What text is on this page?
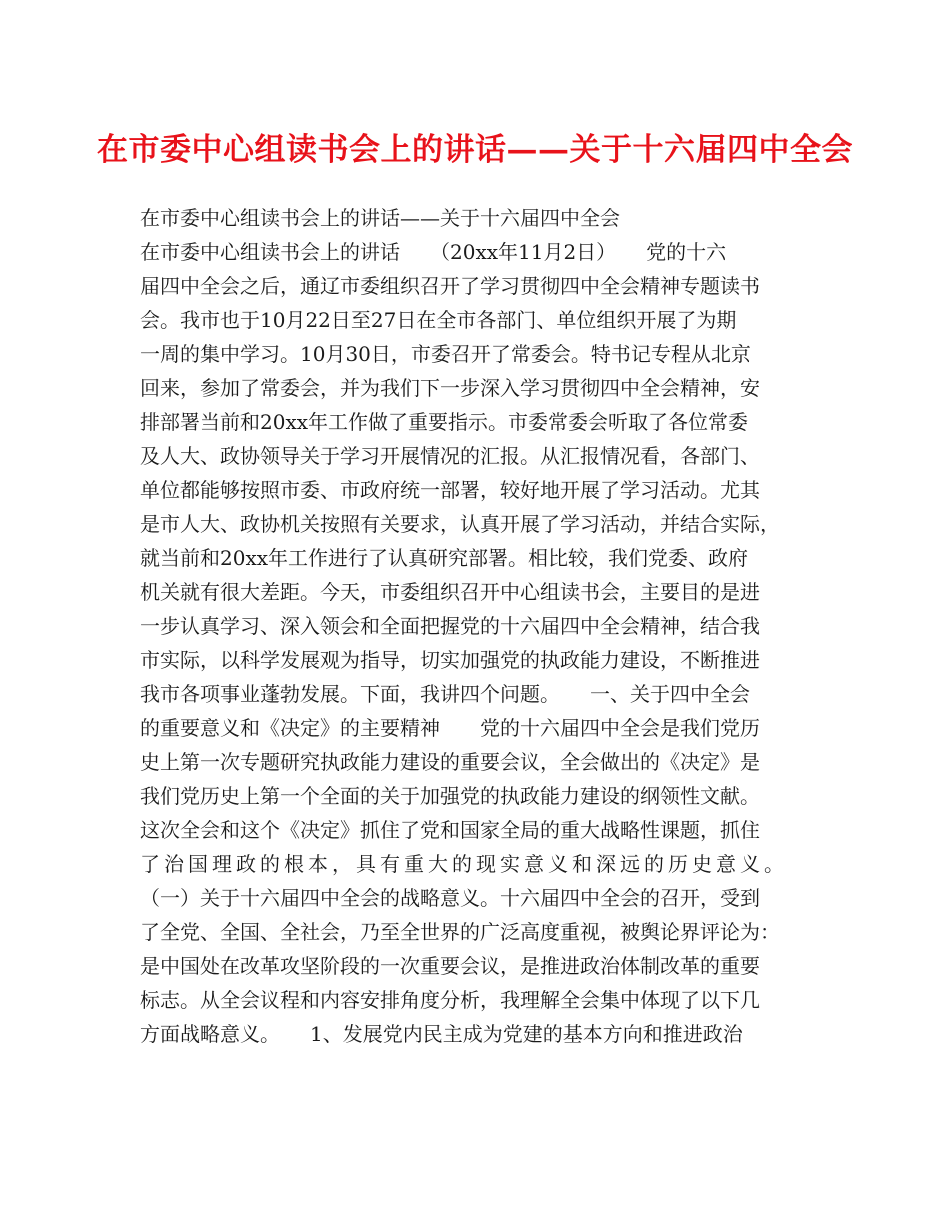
在市委中心组读书会上的讲话——关于十六届四中全会
在市委中心组读书会上的讲话——关于十六届四中全会
在市委中心组读书会上的讲话　　（20xx年11月2日）　　党的十六
届四中全会之后，通辽市委组织召开了学习贯彻四中全会精神专题读书
会。我市也于10月22日至27日在全市各部门、单位组织开展了为期
一周的集中学习。10月30日，市委召开了常委会。特书记专程从北京
回来，参加了常委会，并为我们下一步深入学习贯彻四中全会精神，安
排部署当前和20xx年工作做了重要指示。市委常委会听取了各位常委
及人大、政协领导关于学习开展情况的汇报。从汇报情况看，各部门、
单位都能够按照市委、市政府统一部署，较好地开展了学习活动。尤其
是市人大、政协机关按照有关要求，认真开展了学习活动，并结合实际，
就当前和20xx年工作进行了认真研究部署。相比较，我们党委、政府
机关就有很大差距。今天，市委组织召开中心组读书会，主要目的是进
一步认真学习、深入领会和全面把握党的十六届四中全会精神，结合我
市实际，以科学发展观为指导，切实加强党的执政能力建设，不断推进
我市各项事业蓬勃发展。下面，我讲四个问题。　　一、关于四中全会
的重要意义和《决定》的主要精神　　党的十六届四中全会是我们党历
史上第一次专题研究执政能力建设的重要会议，全会做出的《决定》是
我们党历史上第一个全面的关于加强党的执政能力建设的纲领性文献。
这次全会和这个《决定》抓住了党和国家全局的重大战略性课题，抓住
了治国理政的根本，具有重大的现实意义和深远的历史意义。
（一）关于十六届四中全会的战略意义。十六届四中全会的召开，受到
了全党、全国、全社会，乃至全世界的广泛高度重视，被舆论界评论为：
是中国处在改革攻坚阶段的一次重要会议，是推进政治体制改革的重要
标志。从全会议程和内容安排角度分析，我理解全会集中体现了以下几
方面战略意义。　　1、发展党内民主成为党建的基本方向和推进政治
